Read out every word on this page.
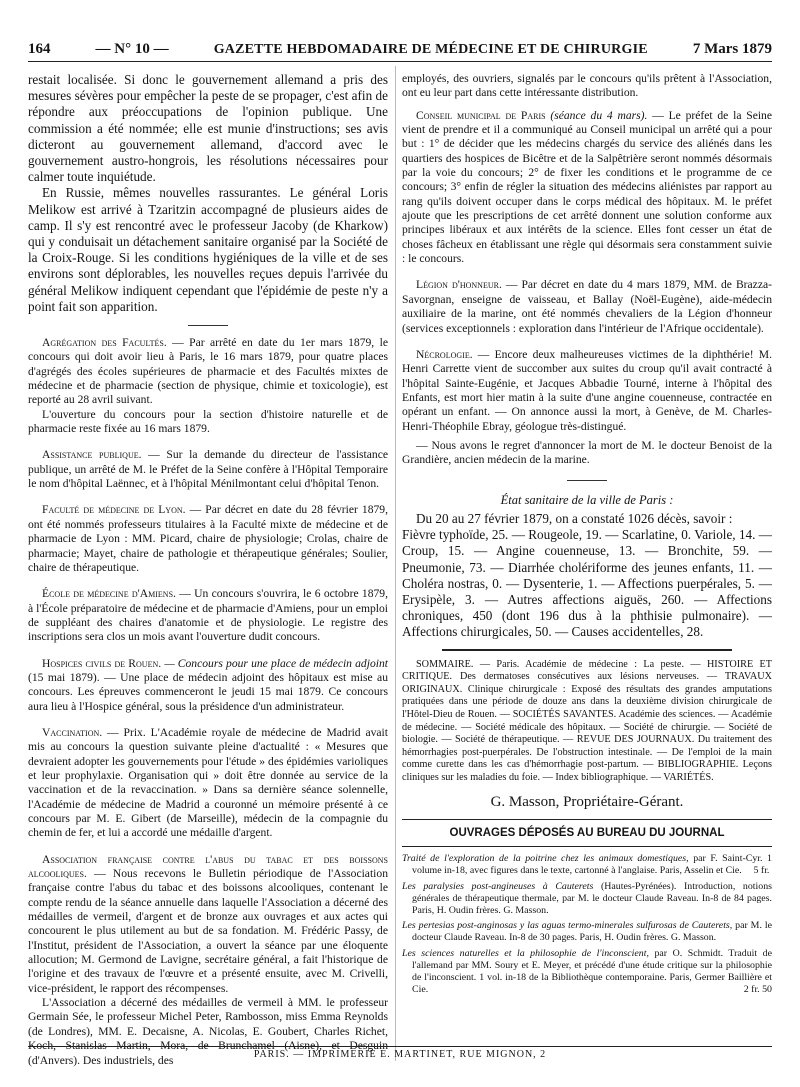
164	— N° 10 —	GAZETTE HEBDOMADAIRE DE MÉDECINE ET DE CHIRURGIE	7 Mars 1879

restait localisée. Si donc le gouvernement allemand a pris des mesures sévères pour empêcher la peste de se propager, c'est afin de répondre aux préoccupations de l'opinion publique. Une commission a été nommée; elle est munie d'instructions; ses avis dicteront au gouvernement allemand, d'accord avec le gouvernement austro-hongrois, les résolutions nécessaires pour calmer toute inquiétude.

En Russie, mêmes nouvelles rassurantes. Le général Loris Melikow est arrivé à Tzaritzin accompagné de plusieurs aides de camp. Il s'y est rencontré avec le professeur Jacoby (de Kharkow) qui y conduisait un détachement sanitaire organisé par la Société de la Croix-Rouge. Si les conditions hygiéniques de la ville et de ses environs sont déplorables, les nouvelles reçues depuis l'arrivée du général Melikow indiquent cependant que l'épidémie de peste n'y a point fait son apparition.

Agrégation des Facultés. — Par arrêté en date du 1er mars 1879, le concours qui doit avoir lieu à Paris, le 16 mars 1879, pour quatre places d'agrégés des écoles supérieures de pharmacie et des Facultés mixtes de médecine et de pharmacie (section de physique, chimie et toxicologie), est reporté au 28 avril suivant.

L'ouverture du concours pour la section d'histoire naturelle et de pharmacie reste fixée au 16 mars 1879.

Assistance publique. — Sur la demande du directeur de l'assistance publique, un arrêté de M. le Préfet de la Seine confère à l'Hôpital Temporaire le nom d'hôpital Laënnec, et à l'hôpital Ménilmontant celui d'hôpital Tenon.

Faculté de médecine de Lyon. — Par décret en date du 28 février 1879, ont été nommés professeurs titulaires à la Faculté mixte de médecine et de pharmacie de Lyon : MM. Picard, chaire de physiologie; Crolas, chaire de pharmacie; Mayet, chaire de pathologie et thérapeutique générales; Soulier, chaire de thérapeutique.

École de médecine d'Amiens. — Un concours s'ouvrira, le 6 octobre 1879, à l'École préparatoire de médecine et de pharmacie d'Amiens, pour un emploi de suppléant des chaires d'anatomie et de physiologie. Le registre des inscriptions sera clos un mois avant l'ouverture dudit concours.

Hospices civils de Rouen. — Concours pour une place de médecin adjoint (15 mai 1879). — Une place de médecin adjoint des hôpitaux est mise au concours. Les épreuves commenceront le jeudi 15 mai 1879. Ce concours aura lieu à l'Hospice général, sous la présidence d'un administrateur.

Vaccination. — Prix. L'Académie royale de médecine de Madrid avait mis au concours la question suivante pleine d'actualité : « Mesures que devraient adopter les gouvernements pour l'étude » des épidémies varioliques et leur prophylaxie. Organisation qui » doit être donnée au service de la vaccination et de la revaccination. » Dans sa dernière séance solennelle, l'Académie de médecine de Madrid a couronné un mémoire présenté à ce concours par M. E. Gibert (de Marseille), médecin de la compagnie du chemin de fer, et lui a accordé une médaille d'argent.

Association française contre l'abus du tabac et des boissons alcooliques. — Nous recevons le Bulletin périodique de l'Association française contre l'abus du tabac et des boissons alcooliques, contenant le compte rendu de la séance annuelle dans laquelle l'Association a décerné des médailles de vermeil, d'argent et de bronze aux ouvrages et aux actes qui concourent le plus utilement au but de sa fondation. M. Frédéric Passy, de l'Institut, président de l'Association, a ouvert la séance par une éloquente allocution; M. Germond de Lavigne, secrétaire général, a fait l'historique de l'origine et des travaux de l'œuvre et a présenté ensuite, avec M. Crivelli, vice-président, le rapport des récompenses.

L'Association a décerné des médailles de vermeil à MM. le professeur Germain Sée, le professeur Michel Peter, Rambosson, miss Emma Reynolds (de Londres), MM. E. Decaisne, A. Nicolas, E. Goubert, Charles Richet, Koch, Stanislas Martin, Mora, de Brunchamel (Aisne), et Desguin (d'Anvers). Des industriels, des

employés, des ouvriers, signalés par le concours qu'ils prêtent à l'Association, ont eu leur part dans cette intéressante distribution.

Conseil municipal de Paris (séance du 4 mars). — Le préfet de la Seine vient de prendre et il a communiqué au Conseil municipal un arrêté qui a pour but : 1° de décider que les médecins chargés du service des aliénés dans les quartiers des hospices de Bicêtre et de la Salpêtrière seront nommés désormais par la voie du concours; 2° de fixer les conditions et le programme de ce concours; 3° enfin de régler la situation des médecins aliénistes par rapport au rang qu'ils doivent occuper dans le corps médical des hôpitaux. M. le préfet ajoute que les prescriptions de cet arrêté donnent une solution conforme aux principes libéraux et aux intérêts de la science. Elles font cesser un état de choses fâcheux en établissant une règle qui désormais sera constamment suivie : le concours.

Légion d'honneur. — Par décret en date du 4 mars 1879, MM. de Brazza-Savorgnan, enseigne de vaisseau, et Ballay (Noël-Eugène), aide-médecin auxiliaire de la marine, ont été nommés chevaliers de la Légion d'honneur (services exceptionnels : exploration dans l'intérieur de l'Afrique occidentale).

Nécrologie. — Encore deux malheureuses victimes de la diphthérie! M. Henri Carrette vient de succomber aux suites du croup qu'il avait contracté à l'hôpital Sainte-Eugénie, et Jacques Abbadie Tourné, interne à l'hôpital des Enfants, est mort hier matin à la suite d'une angine couenneuse, contractée en opérant un enfant. — On annonce aussi la mort, à Genève, de M. Charles-Henri-Théophile Ebray, géologue très-distingué.

— Nous avons le regret d'annoncer la mort de M. le docteur Benoist de la Grandière, ancien médecin de la marine.

État sanitaire de la ville de Paris :

Du 20 au 27 février 1879, on a constaté 1026 décès, savoir :

Fièvre typhoïde, 25. — Rougeole, 19. — Scarlatine, 0. Variole, 14. — Croup, 15. — Angine couenneuse, 13. — Bronchite, 59. — Pneumonie, 73. — Diarrhée cholériforme des jeunes enfants, 11. — Choléra nostras, 0. — Dysenterie, 1. — Affections puerpérales, 5. — Erysipèle, 3. — Autres affections aiguës, 260. — Affections chroniques, 450 (dont 196 dus à la phthisie pulmonaire). — Affections chirurgicales, 50. — Causes accidentelles, 28.

SOMMAIRE. — Paris. Académie de médecine : La peste. — HISTOIRE ET CRITIQUE. Des dermatoses consécutives aux lésions nerveuses. — TRAVAUX ORIGINAUX. Clinique chirurgicale : Exposé des résultats des grandes amputations pratiquées dans une période de douze ans dans la deuxième division chirurgicale de l'Hôtel-Dieu de Rouen. — SOCIÉTÉS SAVANTES. Académie des sciences. — Académie de médecine. — Société médicale des hôpitaux. — Société de chirurgie. — Société de biologie. — Société de thérapeutique. — REVUE DES JOURNAUX. Du traitement des hémorrhagies post-puerpérales. De l'obstruction intestinale. — De l'emploi de la main comme curette dans les cas d'hémorrhagie post-partum. — BIBLIOGRAPHIE. Leçons cliniques sur les maladies du foie. — Index bibliographique. — VARIÉTÉS.

G. Masson, Propriétaire-Gérant.
OUVRAGES DÉPOSÉS AU BUREAU DU JOURNAL

Traité de l'exploration de la poitrine chez les animaux domestiques, par F. Saint-Cyr. 1 volume in-18, avec figures dans le texte, cartonné à l'anglaise. Paris, Asselin et Cie. 5 fr.

Les paralysies post-angineuses à Cauterets (Hautes-Pyrénées). Introduction, notions générales de thérapeutique thermale, par M. le docteur Claude Raveau. In-8 de 84 pages. Paris, H. Oudin frères. G. Masson.

Les pertesias post-anginosas y las aguas termo-minerales sulfurosas de Cauterets, par M. le docteur Claude Raveau. In-8 de 30 pages. Paris, H. Oudin frères. G. Masson.

Les sciences naturelles et la philosophie de l'inconscient, par O. Schmidt. Traduit de l'allemand par MM. Soury et E. Meyer, et précédé d'une étude critique sur la philosophie de l'inconscient. 1 vol. in-18 de la Bibliothèque contemporaine. Paris, Germer Baillière et Cie.	2 fr. 50

PARIS. — IMPRIMERIE E. MARTINET, RUE MIGNON, 2
